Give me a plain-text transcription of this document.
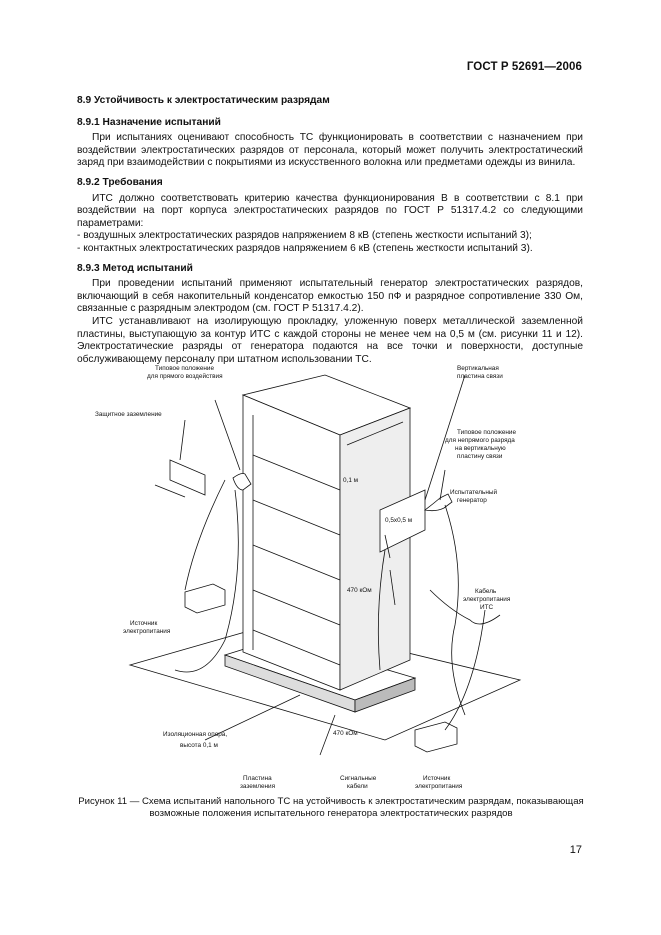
ГОСТ Р 52691—2006

8.9 Устойчивость к электростатическим разрядам

8.9.1 Назначение испытаний

При испытаниях оценивают способность ТС функционировать в соответствии с назначением при воздействии электростатических разрядов от персонала, который может получить электростатический заряд при взаимодействии с покрытиями из искусственного волокна или предметами одежды из винила.

8.9.2 Требования

ИТС должно соответствовать критерию качества функционирования В в соответствии с 8.1 при воздействии на порт корпуса электростатических разрядов по ГОСТ Р 51317.4.2 со следующими параметрами:

- воздушных электростатических разрядов напряжением 8 кВ (степень жесткости испытаний 3);

- контактных электростатических разрядов напряжением 6 кВ (степень жесткости испытаний 3).

8.9.3 Метод испытаний

При проведении испытаний применяют испытательный генератор электростатических разрядов, включающий в себя накопительный конденсатор емкостью 150 пФ и разрядное сопротивление 330 Ом, связанные с разрядным электродом (см. ГОСТ Р 51317.4.2).

ИТС устанавливают на изолирующую прокладку, уложенную поверх металлической заземленной пластины, выступающую за контур ИТС с каждой стороны не менее чем на 0,5 м (см. рисунки 11 и 12). Электростатические разряды от генератора подаются на все точки и поверхности, доступные обслуживающему персоналу при штатном использовании ТС.

Типовое положение
для прямого воздействия
Защитное заземление
Вертикальная
пластина связи
Типовое положение
для непрямого разряда
на вертикальную
пластину связи
0,1 м
0,5х0,5 м
Испытательный
генератор
470 кОм	Кабель
электропитания
ИТС
Источник
электропитания
Изоляционная опора,
высота 0,1 м
470 кОм
Пластина
заземления
Сигнальные
кабели
Источник
электропитания
Рисунок 11 — Схема испытаний напольного ТС на устойчивость к электростатическим разрядам, показывающая
возможные положения испытательного генератора электростатических разрядов
17
